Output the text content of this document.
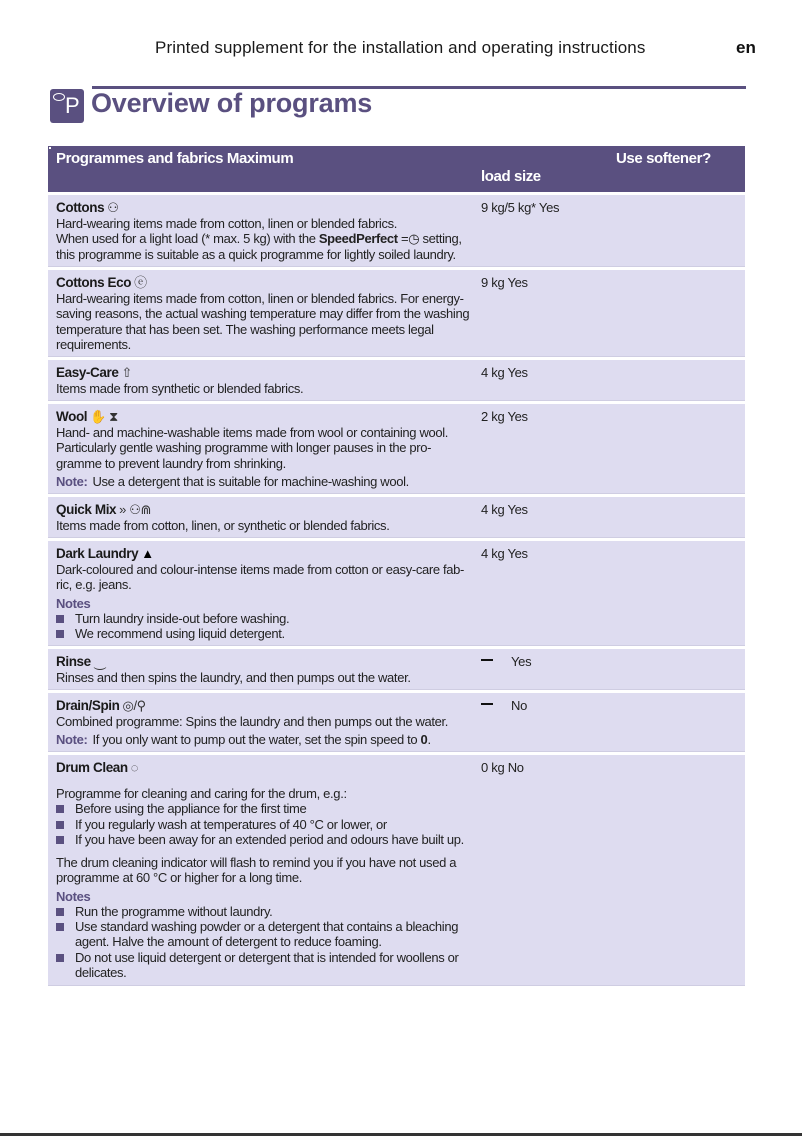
Printed supplement for the installation and operating instructions	en
P Overview of programs
Programmes and fabrics Maximum
load size
Use softener?
Cottons ⚇
Hard-wearing items made from cotton, linen or blended fabrics.
When used for a light load (* max. 5 kg) with the SpeedPerfect =◷ setting, this programme is suitable as a quick programme for lightly soiled laundry.
9 kg/5 kg* Yes
Cottons Eco ⓔ
Hard-wearing items made from cotton, linen or blended fabrics. For energy-saving reasons, the actual washing temperature may differ from the washing temperature that has been set. The washing performance meets legal requirements.
9 kg Yes
Easy-Care ⇧
Items made from synthetic or blended fabrics.
4 kg Yes
Wool ✋ ⧗
Hand- and machine-washable items made from wool or containing wool. Particularly gentle washing programme with longer pauses in the pro-gramme to prevent laundry from shrinking.
Note: Use a detergent that is suitable for machine-washing wool.
2 kg Yes
Quick Mix » ⚇⋒
Items made from cotton, linen, or synthetic or blended fabrics.
4 kg Yes
Dark Laundry ▲
Dark-coloured and colour-intense items made from cotton or easy-care fab-ric, e.g. jeans.
Notes
Turn laundry inside-out before washing.
We recommend using liquid detergent.
4 kg Yes
Rinse ⏝
Rinses and then spins the laundry, and then pumps out the water.
Yes
Drain/Spin ◎/⚲
Combined programme: Spins the laundry and then pumps out the water.
Note: If you only want to pump out the water, set the spin speed to 0.
No
Drum Clean ◌
Programme for cleaning and caring for the drum, e.g.:
Before using the appliance for the first time
If you regularly wash at temperatures of 40 °C or lower, or
If you have been away for an extended period and odours have built up.
The drum cleaning indicator will flash to remind you if you have not used a programme at 60 °C or higher for a long time.
Notes
Run the programme without laundry.
Use standard washing powder or a detergent that contains a bleaching agent. Halve the amount of detergent to reduce foaming.
Do not use liquid detergent or detergent that is intended for woollens or delicates.
0 kg No
